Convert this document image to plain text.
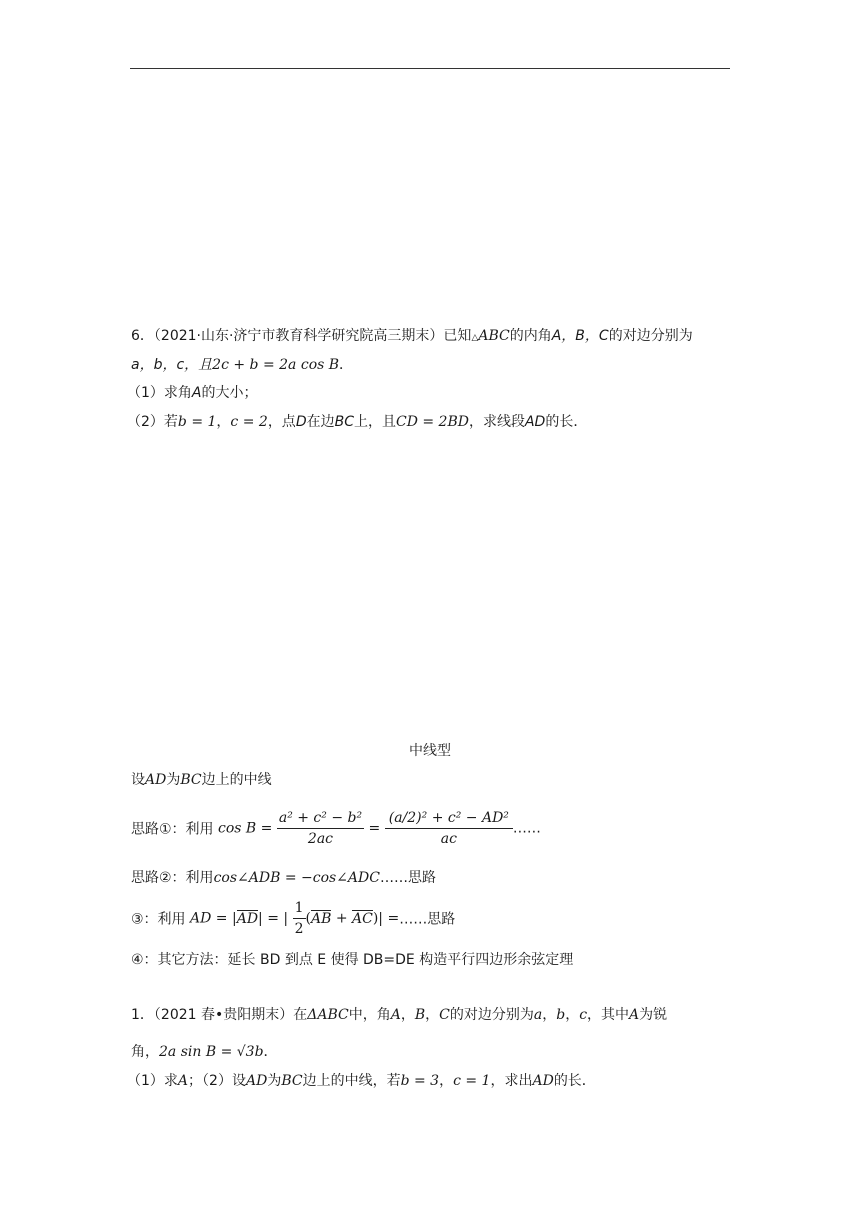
6．（2021·山东·济宁市教育科学研究院高三期末）已知△ABC的内角A，B，C的对边分别为
a，b，c，且2c + b = 2a cos B．
（1）求角A的大小；
（2）若b = 1，c = 2，点D在边BC上，且CD = 2BD，求线段AD的长．
中线型
设AD为BC边上的中线
思路①：利用 $\cos B = \frac{\text{a² + c² − b²}}{2ac} = \frac{\text{(a/2)² + c² − AD²}}{ac}$ ……
思路②：利用cos∠ADB = −cos∠ADC……思路
③：利用 AD = |AD| = | $\frac{1}{2} (AB + AC)|$ =……思路
④：其它方法：延长 BD 到点 E 使得 DB=DE 构造平行四边形余弦定理
1．（2021 春•贵阳期末）在ΔABC中，角A，B，C的对边分别为a，b，c，其中A为锐
角，2a sin B = √3b．
（1）求A；（2）设AD为BC边上的中线，若b = 3，c = 1，求出AD的长．
